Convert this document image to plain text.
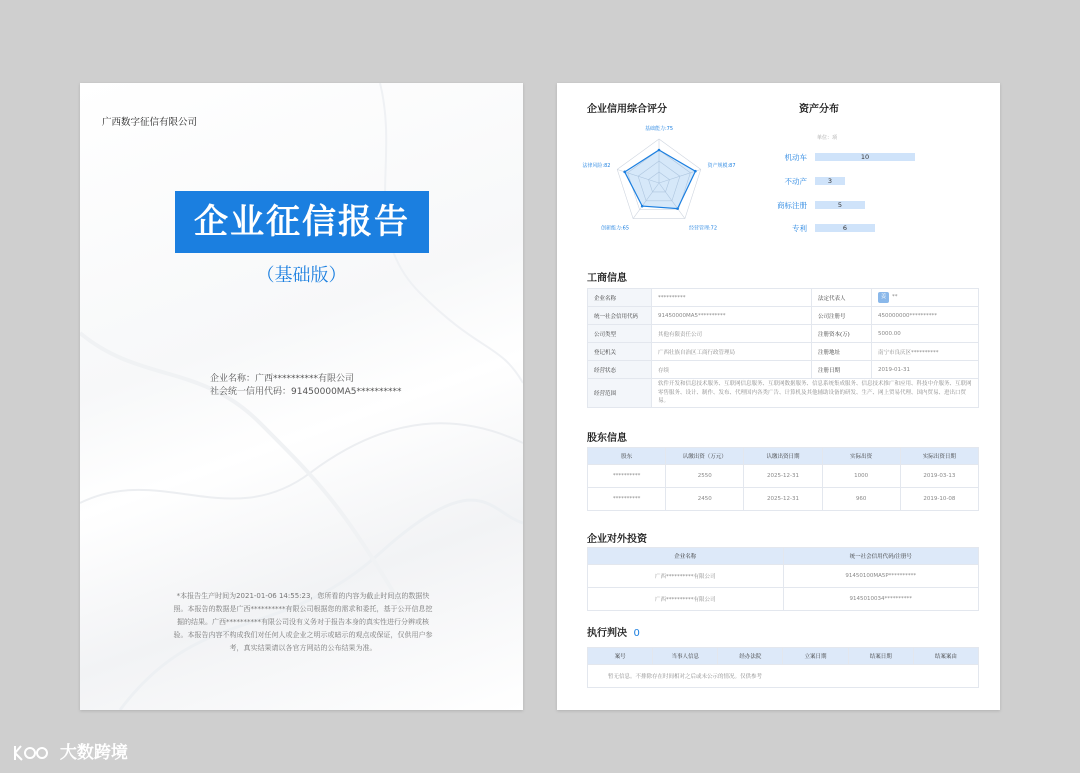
广西数字征信有限公司
企业征信报告
（基础版）
企业名称：广西**********有限公司
社会统一信用代码：91450000MA5**********
*本报告生产时间为2021-01-06 14:55:23，您所看的内容为截止时间点的数据快照。本报告的数据是广西**********有限公司根据您的需求和委托，基于公开信息挖掘的结果。广西**********有限公司没有义务对于报告本身的真实性进行分辨或核验。本报告内容不构成我们对任何人或企业之明示或暗示的观点或保证，仅供用户参考，真实结果请以各官方网站的公布结果为准。
企业信用综合评分
基础能力:75
资产规模:87
经营管理:72
创新能力:65
法律风险:82
资产分布
单位：项
机动车	10
不动产	3
商标注册	5
专利	6
工商信息
企业名称	**********	法定代表人	姜 **
统一社会信用代码	91450000MA5**********	公司注册号	450000000**********
公司类型	其他有限责任公司	注册资本(万)	5000.00
登记机关	广西壮族自治区工商行政管理局	注册地址	南宁市良庆区**********
经营状态	存续	注册日期	2019-01-31
经营范围	软件开发和信息技术服务、互联网信息服务、互联网数据服务、信息系统集成服务、信息技术推广和应用、科技中介服务、互联网零售服务、设计、制作、发布、代理国内各类广告、计算机及其他辅助设备的研发、生产、网上贸易代理、国内贸易、进出口贸易。		
股东信息
股东	认缴出资（万元）	认缴出资日期	实际出资	实际出资日期
**********	2550	2025-12-31	1000	2019-03-13
**********	2450	2025-12-31	960	2019-10-08
企业对外投资
企业名称	统一社会信用代码/注册号
广西**********有限公司	91450100MA5P**********
广西**********有限公司	9145010034**********
执行判决 0
案号	当事人信息	经办法院	立案日期	结案日期	结案案由
暂无信息。不排除存在时间相对之后或未公示的情况。仅供参考
大数跨境
